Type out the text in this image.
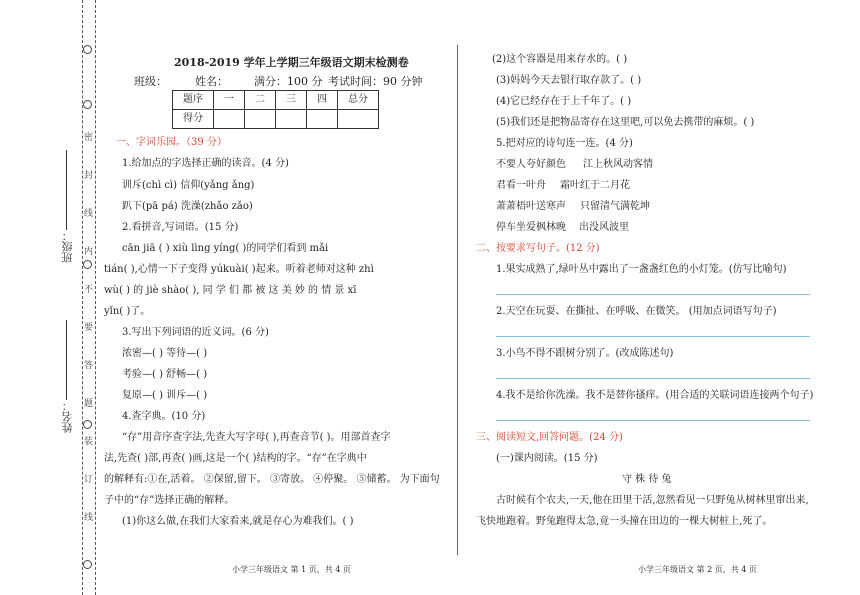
班级：
姓名：
密
封
线
内
不
要
答
题
装
订
线
2018-2019 学年上学期三年级语文期末检测卷
班级：	姓名： 满分：100 分 考试时间：90 分钟
题序	一	二	三	四	总分
得分					
一、字词乐园。（39 分）
1.给加点的字选择正确的读音。(4 分)
训斥(chì cì) 信仰(yǎng ǎng)
趴下(pā pá) 洗澡(zhǎo zǎo)
2.看拼音,写词语。(15 分)
cān jiā ( ) xiù lìng yíng( )的同学们看到 mǎi
tián( ),心情一下子变得 yúkuài( )起来。听着老师对这种 zhì
wù( ) 的 jiè shào( ), 同 学 们 都 被 这 美 妙 的 情 景 xī
yǐn( )了。
3.写出下列词语的近义词。(6 分)
浓密—( ) 等待—( )
考验—( ) 舒畅—( )
复原—( ) 训斥—( )
4.查字典。(10 分)
“存”用音序查字法,先查大写字母( ),再查音节( )。用部首查字
法,先查( )部,再查( )画,这是一个( )结构的字。“存”在字典中
的解释有:①在,活着。 ②保留,留下。 ③寄放。 ④停聚。 ⑤储蓄。 为下面句
子中的“存”选择正确的解释。
(1)你这么做,在我们大家看来,就是存心为难我们。( )
小学三年级语文 第 1 页，共 4 页
(2)这个容器是用来存水的。( )
(3)妈妈今天去银行取存款了。( )
(4)它已经存在于上千年了。( )
(5)我们还是把物品寄存在这里吧,可以免去携带的麻烦。( )
5.把对应的诗句连一连。(4 分)
不要人夸好颜色 江上秋风动客情
君看一叶舟 霜叶红于二月花
萧萧梧叶送寒声 只留清气满乾坤
停车坐爱枫林晚 出没风波里
二、按要求写句子。(12 分)
1.果实成熟了,绿叶丛中露出了一盏盏红色的小灯笼。(仿写比喻句)
2.天空在玩耍、在撕扯、在呼吸、在微笑。 (用加点词语写句子)
3.小鸟不得不跟树分别了。(改成陈述句)
4.我不是给你洗澡。我不是替你搔痒。(用合适的关联词语连接两个句子)
三、阅读短文,回答问题。(24 分)
(一)课内阅读。(15 分)
守 株 待 兔
古时候有个农夫,一天,他在田里干活,忽然看见一只野兔从树林里窜出来,
飞快地跑着。野兔跑得太急,竟一头撞在田边的一棵大树桩上,死了。
小学三年级语文 第 2 页，共 4 页
